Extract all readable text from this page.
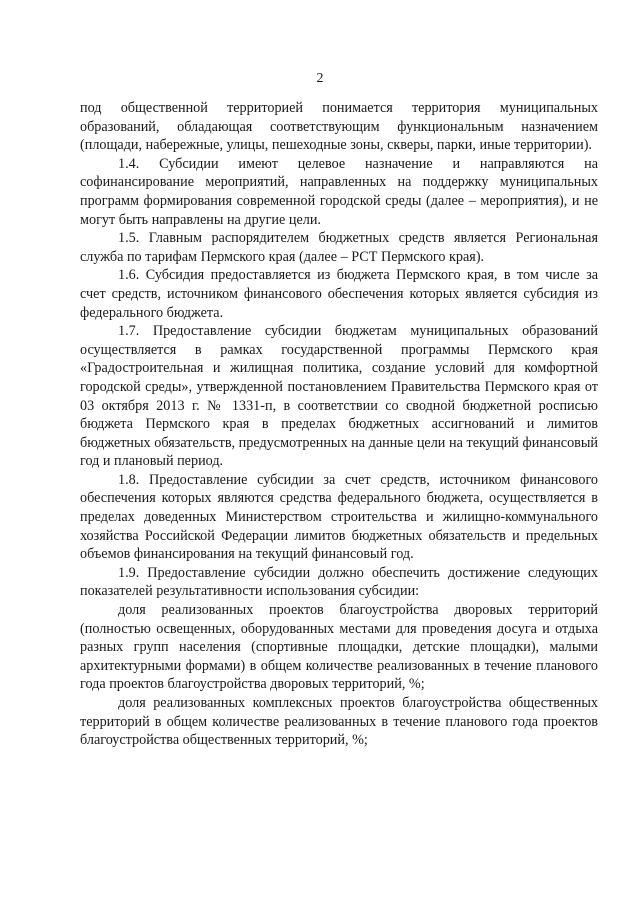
2

под общественной территорией понимается территория муниципальных образований, обладающая соответствующим функциональным назначением (площади, набережные, улицы, пешеходные зоны, скверы, парки, иные территории).

1.4. Субсидии имеют целевое назначение и направляются на софинансирование мероприятий, направленных на поддержку муниципальных программ формирования современной городской среды (далее – мероприятия), и не могут быть направлены на другие цели.

1.5. Главным распорядителем бюджетных средств является Региональная служба по тарифам Пермского края (далее – РСТ Пермского края).

1.6. Субсидия предоставляется из бюджета Пермского края, в том числе за счет средств, источником финансового обеспечения которых является субсидия из федерального бюджета.

1.7. Предоставление субсидии бюджетам муниципальных образований осуществляется в рамках государственной программы Пермского края «Градостроительная и жилищная политика, создание условий для комфортной городской среды», утвержденной постановлением Правительства Пермского края от 03 октября 2013 г. № 1331-п, в соответствии со сводной бюджетной росписью бюджета Пермского края в пределах бюджетных ассигнований и лимитов бюджетных обязательств, предусмотренных на данные цели на текущий финансовый год и плановый период.

1.8. Предоставление субсидии за счет средств, источником финансового обеспечения которых являются средства федерального бюджета, осуществляется в пределах доведенных Министерством строительства и жилищно-коммунального хозяйства Российской Федерации лимитов бюджетных обязательств и предельных объемов финансирования на текущий финансовый год.

1.9. Предоставление субсидии должно обеспечить достижение следующих показателей результативности использования субсидии:

доля реализованных проектов благоустройства дворовых территорий (полностью освещенных, оборудованных местами для проведения досуга и отдыха разных групп населения (спортивные площадки, детские площадки), малыми архитектурными формами) в общем количестве реализованных в течение планового года проектов благоустройства дворовых территорий, %;

доля реализованных комплексных проектов благоустройства общественных территорий в общем количестве реализованных в течение планового года проектов благоустройства общественных территорий, %;
